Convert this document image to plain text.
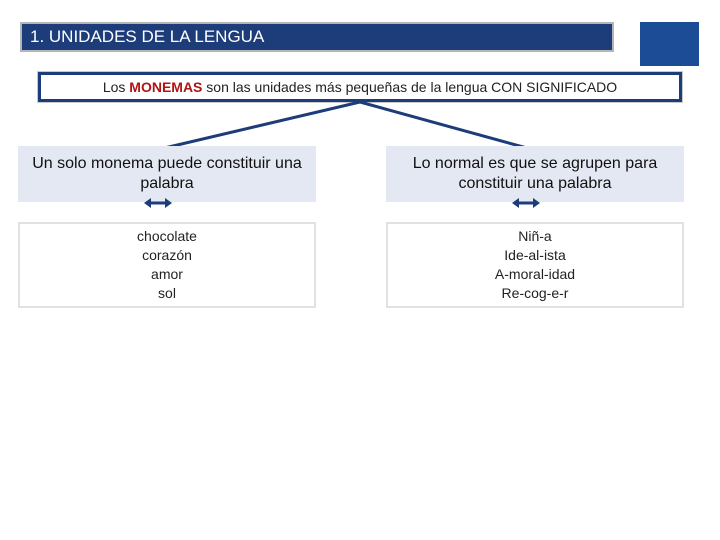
1. UNIDADES DE LA LENGUA
Los MONEMAS son las unidades más pequeñas de la lengua CON SIGNIFICADO
Un solo monema puede constituir una palabra
Lo normal es que se agrupen para constituir una palabra
chocolate
corazón
amor
sol
Niñ-a
Ide-al-ista
A-moral-idad
Re-cog-e-r
